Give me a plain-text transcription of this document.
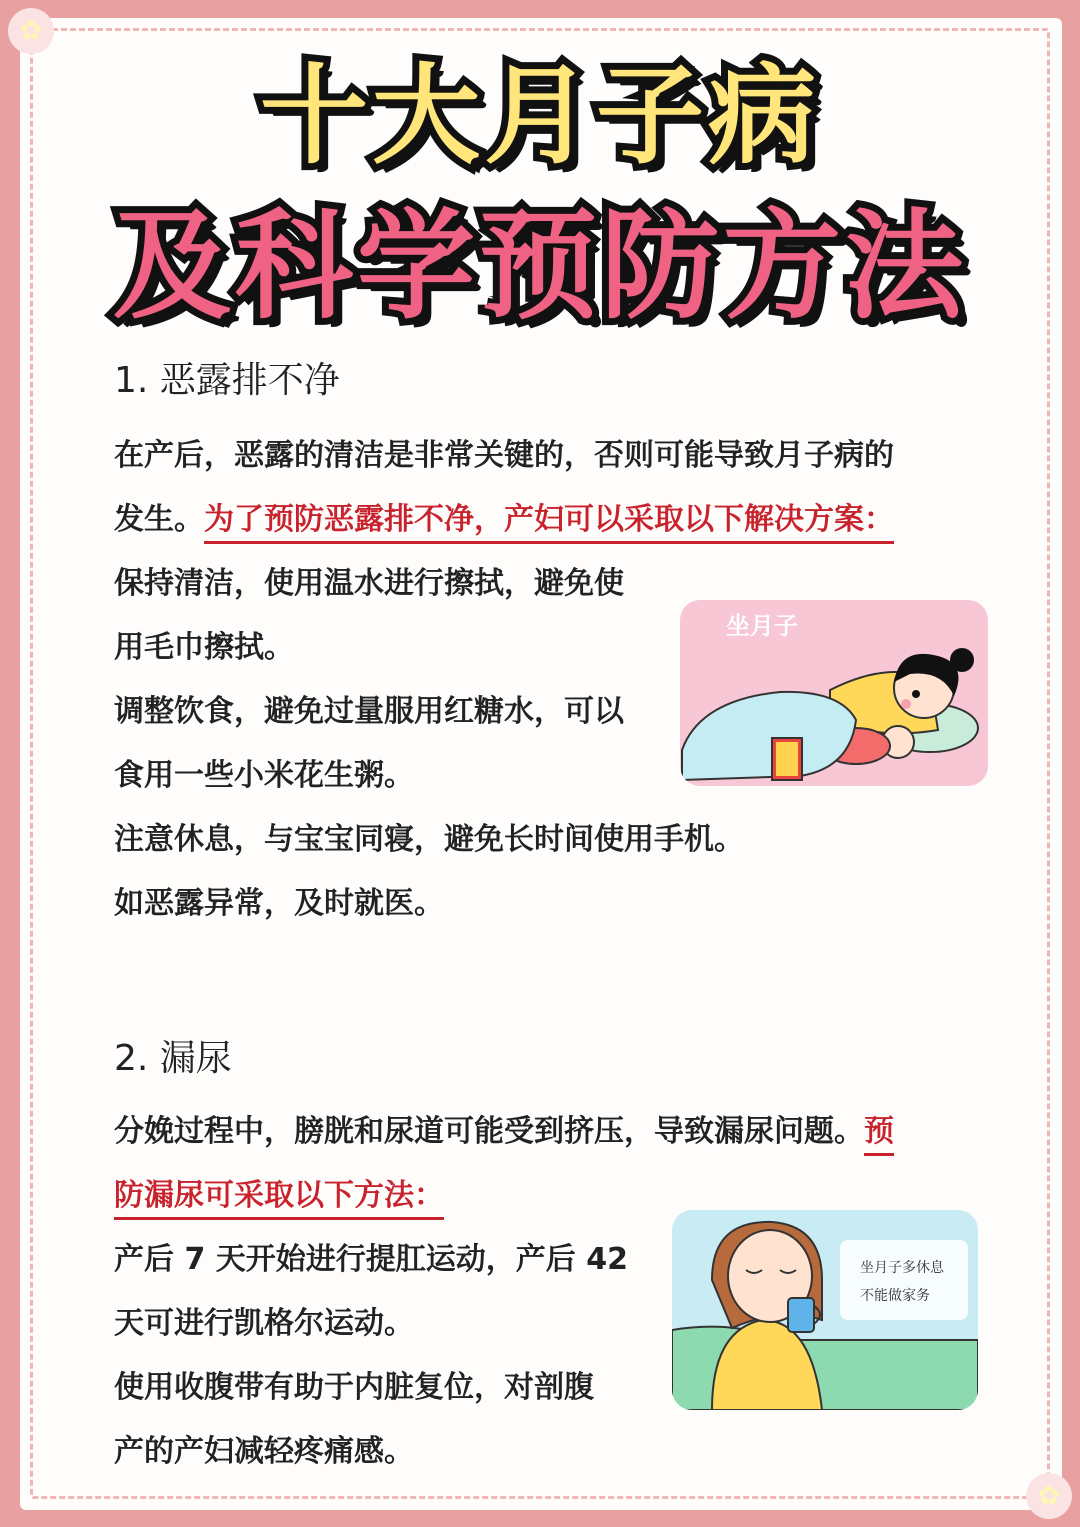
✿
✿
十大月子病
及科学预防方法
1. 恶露排不净
在产后，恶露的清洁是非常关键的，否则可能导致月子病的
发生。为了预防恶露排不净，产妇可以采取以下解决方案：
保持清洁，使用温水进行擦拭，避免使
用毛巾擦拭。
调整饮食，避免过量服用红糖水，可以
食用一些小米花生粥。
注意休息，与宝宝同寝，避免长时间使用手机。
如恶露异常，及时就医。
坐月子
2. 漏尿
分娩过程中，膀胱和尿道可能受到挤压，导致漏尿问题。预
防漏尿可采取以下方法：
产后 7 天开始进行提肛运动，产后 42
天可进行凯格尔运动。
使用收腹带有助于内脏复位，对剖腹
产的产妇减轻疼痛感。
坐月子多休息
不能做家务
